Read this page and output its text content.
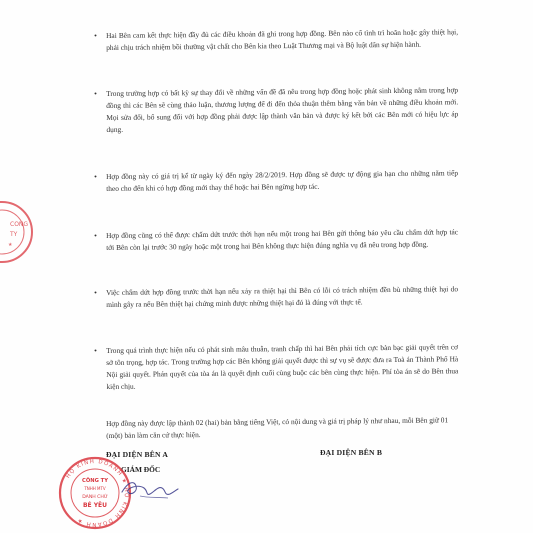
• Hai Bên cam kết thực hiện đầy đủ các điều khoản đã ghi trong hợp đồng. Bên nào cố tình trì hoãn hoặc gây thiệt hại, phải chịu trách nhiệm bồi thường vật chất cho Bên kia theo Luật Thương mại và Bộ luật dân sự hiện hành.
• Trong trường hợp có bất kỳ sự thay đổi về những vấn đề đã nêu trong hợp đồng hoặc phát sinh không nằm trong hợp đồng thì các Bên sẽ cùng thảo luận, thương lượng để đi đến thỏa thuận thêm bằng văn bản về những điều khoản mới. Mọi sửa đổi, bổ sung đối với hợp đồng phải được lập thành văn bản và được ký kết bởi các Bên mới có hiệu lực áp dụng.
• Hợp đồng này có giá trị kể từ ngày ký đến ngày 28/2/2019. Hợp đồng sẽ được tự động gia hạn cho những năm tiếp theo cho đến khi có hợp đồng mới thay thế hoặc hai Bên ngừng hợp tác.
• Hợp đồng cũng có thể được chấm dứt trước thời hạn nếu một trong hai Bên gửi thông báo yêu cầu chấm dứt hợp tác tới Bên còn lại trước 30 ngày hoặc một trong hai Bên không thực hiện đúng nghĩa vụ đã nêu trong hợp đồng.
• Việc chấm dứt hợp đồng trước thời hạn nếu xảy ra thiệt hại thì Bên có lỗi có trách nhiệm đền bù những thiệt hại do mình gây ra nếu Bên thiệt hại chứng minh được những thiệt hại đó là đúng với thực tế.
• Trong quá trình thực hiện nếu có phát sinh mâu thuẫn, tranh chấp thì hai Bên phải tích cực bàn bạc giải quyết trên cơ sở tôn trọng, hợp tác. Trong trường hợp các Bên không giải quyết được thì sự vụ sẽ được đưa ra Toà án Thành Phố Hà Nội giải quyết. Phán quyết của tòa án là quyết định cuối cùng buộc các bên cùng thực hiện. Phí tòa án sẽ do Bên thua kiện chịu.
Hợp đồng này được lập thành 02 (hai) bản bằng tiếng Việt, có nội dung và giá trị pháp lý như nhau, mỗi Bên giữ 01 (một) bản làm căn cứ thực hiện.
ĐẠI DIỆN BÊN A	ĐẠI DIỆN BÊN B
GIÁM ĐỐC
CÔNG
TY
★
HỘ KINH DOANH ★ HỘ KINH DOANH ★
CÔNG TY
TNHH MTV
DANH CHỨ
BÉ YÊU
